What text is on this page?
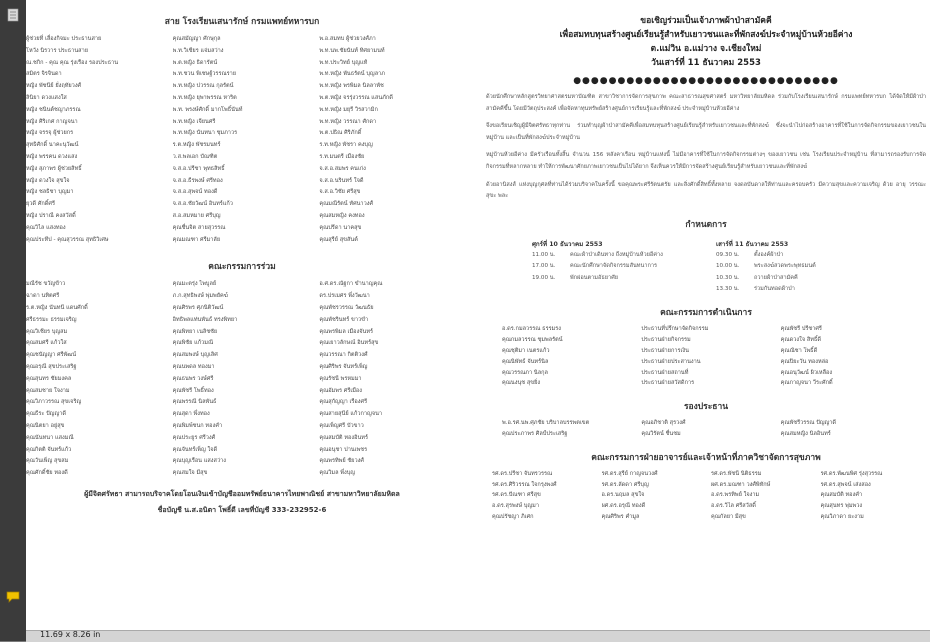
สาย โรงเรียนเสนารักษ์ กรมแพทย์ทหารบก
ผู้ช่วยที่ เลื่องกิจมะ ประธานสาย	คุณสมัญญา ศักษุกุล	พ.อ.สมทบ ผู้ช่วยวงศ์ภา
โหวัง นิรวาร ประธานสาย	พ.ท.วิเชียร แจ่มสว่าง	พ.ท.นพ.ชัยนันท์ ทิศยามนท์
ณ.ชกิก - คุณ คุณ รุ่งเรือง รองประธาน	พ.ต.หญิง ธิดารัตน์	พ.ท.ประวิทย์ บุญแท้
สมิตร จิรจินดา	พ.ท.ชวน พิเชษฐ์วรรณราย	พ.ท.หญิง พันธรัตน์ บุญลาภ
หญิง พัชนีย์ ยั่งฤทัยวงศ์	พ.ท.หญิง ปวรรณ กุลรัตน์	พ.ท.หญิง พรพิมล นิลลาพัช
ลินิยา ดวงแสงใส	พ.ท.หญิง ยุพาพรรณ หาริต	พ.ต.หญิง จรรุ่งวรรณ แสนภักดี
หญิง ชนินต์ชญาภรรณ	พ.ท. พรงษ์ศักดิ์ มากโพธิ์นันท์	พ.ท.หญิง มยุรี วิรสวามิก
หญิง ศิริเกศ กาญจนา	พ.ท.หญิง เจียนศรี	พ.ท.หญิง วรรณา ศักดา
หญิง จรรจุ ผู้ช่วยกร	พ.ท.หญิง นันทนา ชุมภาวร	พ.ต.ปธิณ ศิริภักดิ์
สุทธิศักดิ์ นาคะนุวัฒน์	ร.ต.หญิง พัชรมนทร์	ร.ท.หญิง พัชรา คงบุญ
หญิง พรรคน ดวงแสง	ว.ส.พลเอก บัณฑิต	ร.ท.มนตรี เมืองชัย
หญิง สุภาพร ผู้ช่วยสิทธิ์	จ.ส.อ.ปรีชา พุทธสิทธิ์	จ.ส.อ.สมพร คนเก่ง
หญิง ดวงใจ สุขใจ	จ.ส.อ.ธีรพงษ์ ศรีทอง	จ.ส.อ.นรินทร์ ใจดี
หญิง ชลธิชา บุญมา	จ.ส.อ.สุพจน์ ทองดี	จ.ส.อ.วิชัย ศรีสุข
ยุวดี ศักดิ์ศรี	จ.ส.อ.ชัยวัฒน์ อินทร์แก้ว	คุณมณีรัตน์ ทัศนาวงศ์
หญิง ปราณี คงสวัสดิ์	ส.อ.สมหมาย ศรีบุญ	คุณสมหญิง คงทอง
คุณวิไล แสงทอง	คุณชื่นจิต สายสุวรรณ	คุณปรีดา นาคสุข
คุณประทีป - คุณสุวรรณ สุทธิวิเศษ	คุณมณฑา ศรีมาลัย	คุณสุรีย์ สุขสันต์
คณะกรรมการร่วม
มณีรัช ขวัญข้าว	คุณมะตรุ่ง ไพบูลย์	อ.ศ.ดร.ณัฐกา ขำนาญคุณ
ฉาดา นทิตศรี	ภ.ก.สุทธิพงษ์ พุ่มพยัคฆ์	ดร.ปรเมศร พึ่งวัฒนา
ร.ต.หญิง นันทนี แดนศักดิ์	คุณศิรพร ศุภนิติวัฒน์	คุณพัชรวรรณ วัฒนธัย
ศรีธรรมะ ธรรมเจริญ	อิทธิพลแท่นพันธ์ ทรงพิทยา	คุณพัชรินทร์ ขาวขำ
คุณวิเชียร บุญสม	คุณพิทยา เนลิชชัย	คุณพรพิมล เมืองจันทร์
คุณสมศรี แก้วใส	คุณพิชัย แก้วมณี	คุณเยาวลักษณ์ อินทร์สุข
คุณชนัญญา ศรีพัฒน์	คุณสมพงษ์ บุญเลิศ	คุณวรรณา กิตติวงศ์
คุณอรุณี สุขประเสริฐ	คุณนพดล ทองมา	คุณศิริพร จันทร์เพ็ญ
คุณสุนทร ชัยมงคล	คุณธนพร วงษ์ศรี	คุณรัชนี พรหมมา
คุณสมชาย ใจงาม	คุณพัชรี โพธิ์ทอง	คุณอัมพร ศรีเมือง
คุณวิภาวรรณ สุขเจริญ	คุณพรรณี นิลพันธ์	คุณสุกัญญา เรืองศรี
คุณธีระ ปัญญาดี	คุณสุดา พึ่งทอง	คุณสายสุนีย์ แก้วกาญจนา
คุณนิตยา อยู่สุข	คุณพิมพ์ชนก ทองคำ	คุณเพ็ญศรี บัวขาว
คุณนันทนา แสงมณี	คุณประยูร ศรีวงศ์	คุณสมบัติ ทองอินทร์
คุณกิตติ จันทร์แก้ว	คุณจันทร์เพ็ญ ใจดี	คุณอนุชา ปานเพชร
คุณวันเพ็ญ สุขสม	คุณบุญเรือน แสงสว่าง	คุณพรทิพย์ ชัยวงศ์
คุณศักดิ์ชัย ทองดี	คุณสมใจ มีสุข	คุณวิมล พึ่งบุญ
ผู้มีจิตศรัทธา สามารถบริจาคโดยโอนเงินเข้าบัญชีออมทรัพย์ธนาคารไทยพาณิชย์ สาขามหาวิทยาลัยมหิดล
ชื่อบัญชี น.ส.อนิตา โพธิ์ดี เลขที่บัญชี 333-232952-6
ขอเชิญร่วมเป็นเจ้าภาพผ้าป่าสามัคคี
เพื่อสมทบทุนสร้างศูนย์เรียนรู้สำหรับเยาวชนและที่พักสงฆ์ประจำหมู่บ้านห้วยอีค่าง
ต.แม่วิน อ.แม่วาง จ.เชียงใหม่
วันเสาร์ที่ 11 ธันวาคม 2553
●●●●●●●●●●●●●●●●●●●●●●●●●●●●●●
ด้วยนักศึกษาหลักสูตรวิทยาศาสตรมหาบัณฑิต สาขาวิชาการจัดการสุขภาพ คณะสาธารณสุขศาสตร์ มหาวิทยาลัยมหิดล ร่วมกับโรงเรียนเสนารักษ์ กรมแพทย์ทหารบก ได้จัดให้มีผ้าป่าสามัคคีขึ้น โดยมีวัตถุประสงค์ เพื่อจัดหาทุนทรัพย์สร้างศูนย์การเรียนรู้และที่พักสงฆ์ ประจำหมู่บ้านห้วยอีค่าง
จึงขอเรียนเชิญผู้มีจิตศรัทธาทุกท่าน ร่วมทำบุญผ้าป่าสามัคคีเพื่อสมทบทุนสร้างศูนย์เรียนรู้สำหรับเยาวชนและที่พักสงฆ์ ซึ่งจะนำไปก่อสร้างอาคารที่ใช้ในการจัดกิจกรรมของเยาวชนในหมู่บ้าน และเป็นที่พักสงฆ์ประจำหมู่บ้าน
หมู่บ้านห้วยอีค่าง มีครัวเรือนทั้งสิ้น จำนวน 156 หลังคาเรือน หมู่บ้านแห่งนี้ ไม่มีอาคารที่ใช้ในการจัดกิจกรรมต่างๆ ของเยาวชน เช่น โรงเรียนประจำหมู่บ้าน ที่สามารถรองรับการจัดกิจกรรมที่หลากหลาย ทำให้การพัฒนาศักยภาพเยาวชนเป็นไปได้ยาก จึงเห็นควรให้มีการจัดสร้างศูนย์เรียนรู้สำหรับเยาวชนและที่พักสงฆ์
ด้วยอานิสงส์ แห่งบุญกุศลที่ท่านได้ร่วมบริจาคในครั้งนี้ ขอคุณพระศรีรัตนตรัย และสิ่งศักดิ์สิทธิ์ทั้งหลาย จงดลบันดาลให้ท่านและครอบครัว มีความสุขและความเจริญ ด้วย อายุ วรรณะ สุขะ พละ
กำหนดการ
ศุกร์ที่ 10 ธันวาคม 2553
11.00 น.	คณะผ้าป่าเดินทาง ถึงหมู่บ้านห้วยอีค่าง
17.00 น.	คณะนักศึกษาจัดกิจกรรมสันทนาการ
19.00 น.	พักผ่อนตามอัธยาศัย
เสาร์ที่ 11 ธันวาคม 2553
09.30 น.	ตั้งองค์ผ้าป่า
10.00 น.	พระสงฆ์สวดพระพุทธมนต์
10.30 น.	ถวายผ้าป่าสามัคคี
13.30 น.	ร่วมกันทอดผ้าป่า
คณะกรรมการดำเนินการ
อ.ดร.กมลวรรณ ธรรมรง	ประธานที่ปรึกษาจัดกิจกรรม	คุณพัชรี ปรีชาศรี
คุณกมลวรรณ ชุมพลรัตน์	ประธานฝ่ายกิจกรรม	คุณดวงใจ สิทธิ์ดี
คุณชุติมา เนตรแก้ว	ประธานฝ่ายการเงิน	คุณณิชา โพธิ์ดี
คุณนิพัทธ์ จันทร์นิล	ประธานฝ่ายประสานงาน	คุณปิยะวัน ทองหล่อ
คุณวรรณภา นิลกุล	ประธานฝ่ายสถานที่	คุณอนุวัฒน์ ผิวเหลือง
คุณนงนุช สุขยิ่ง	ประธานฝ่ายสวัสดิการ	คุณกาญจนา วีระศักดิ์
รองประธาน
พ.อ.รศ.นพ.ศุภชัย บริบาลบรรพตเขต	คุณอภิชาติ สุรวงศ์	คุณพัชรีวรรณ ปัญญาดี
คุณประภาพร ศิลป์ประเสริฐ	คุณวิรัตน์ ชื่นชม	คุณสมหญิง นิลอินทร์
คณะกรรมการฝ่ายอาจารย์และเจ้าหน้าที่ภาควิชาจัดการสุขภาพ
รศ.ดร.ปรีชา จันทรวรรณ	รศ.ดร.สุรีย์ กาญจนวงศ์	รศ.ดร.พัชนี นิติธรรม	รศ.ดร.พัฒนพิศ รุ่งสุวรรณ
รศ.ดร.ศิริวรรณ ใจกรุงพงศ์	รศ.ดร.ลัดดา ศรีบุญ	ผศ.ดร.มณฑา วงศ์พิทักษ์	รศ.ดร.สุพจน์ เส่งสอง
รศ.ดร.ปัณฑา ศรีสุข	อ.ดร.นฤมล สุขใจ	อ.ดร.พรทิพย์ ใจงาม	คุณสมบัติ ทองคำ
อ.ดร.สุรพงษ์ บุญมา	ผศ.ดร.อรุณี ทองดี	อ.ดร.วิไล ศรีสวัสดิ์	คุณสุนทร พุ่มพวง
คุณปรัชญา ภิเศก	คุณศิริพร คำมูล	คุณกัลยา มีสุข	คุณวิภาดา ยะงาม
11.69 x 8.26 in
